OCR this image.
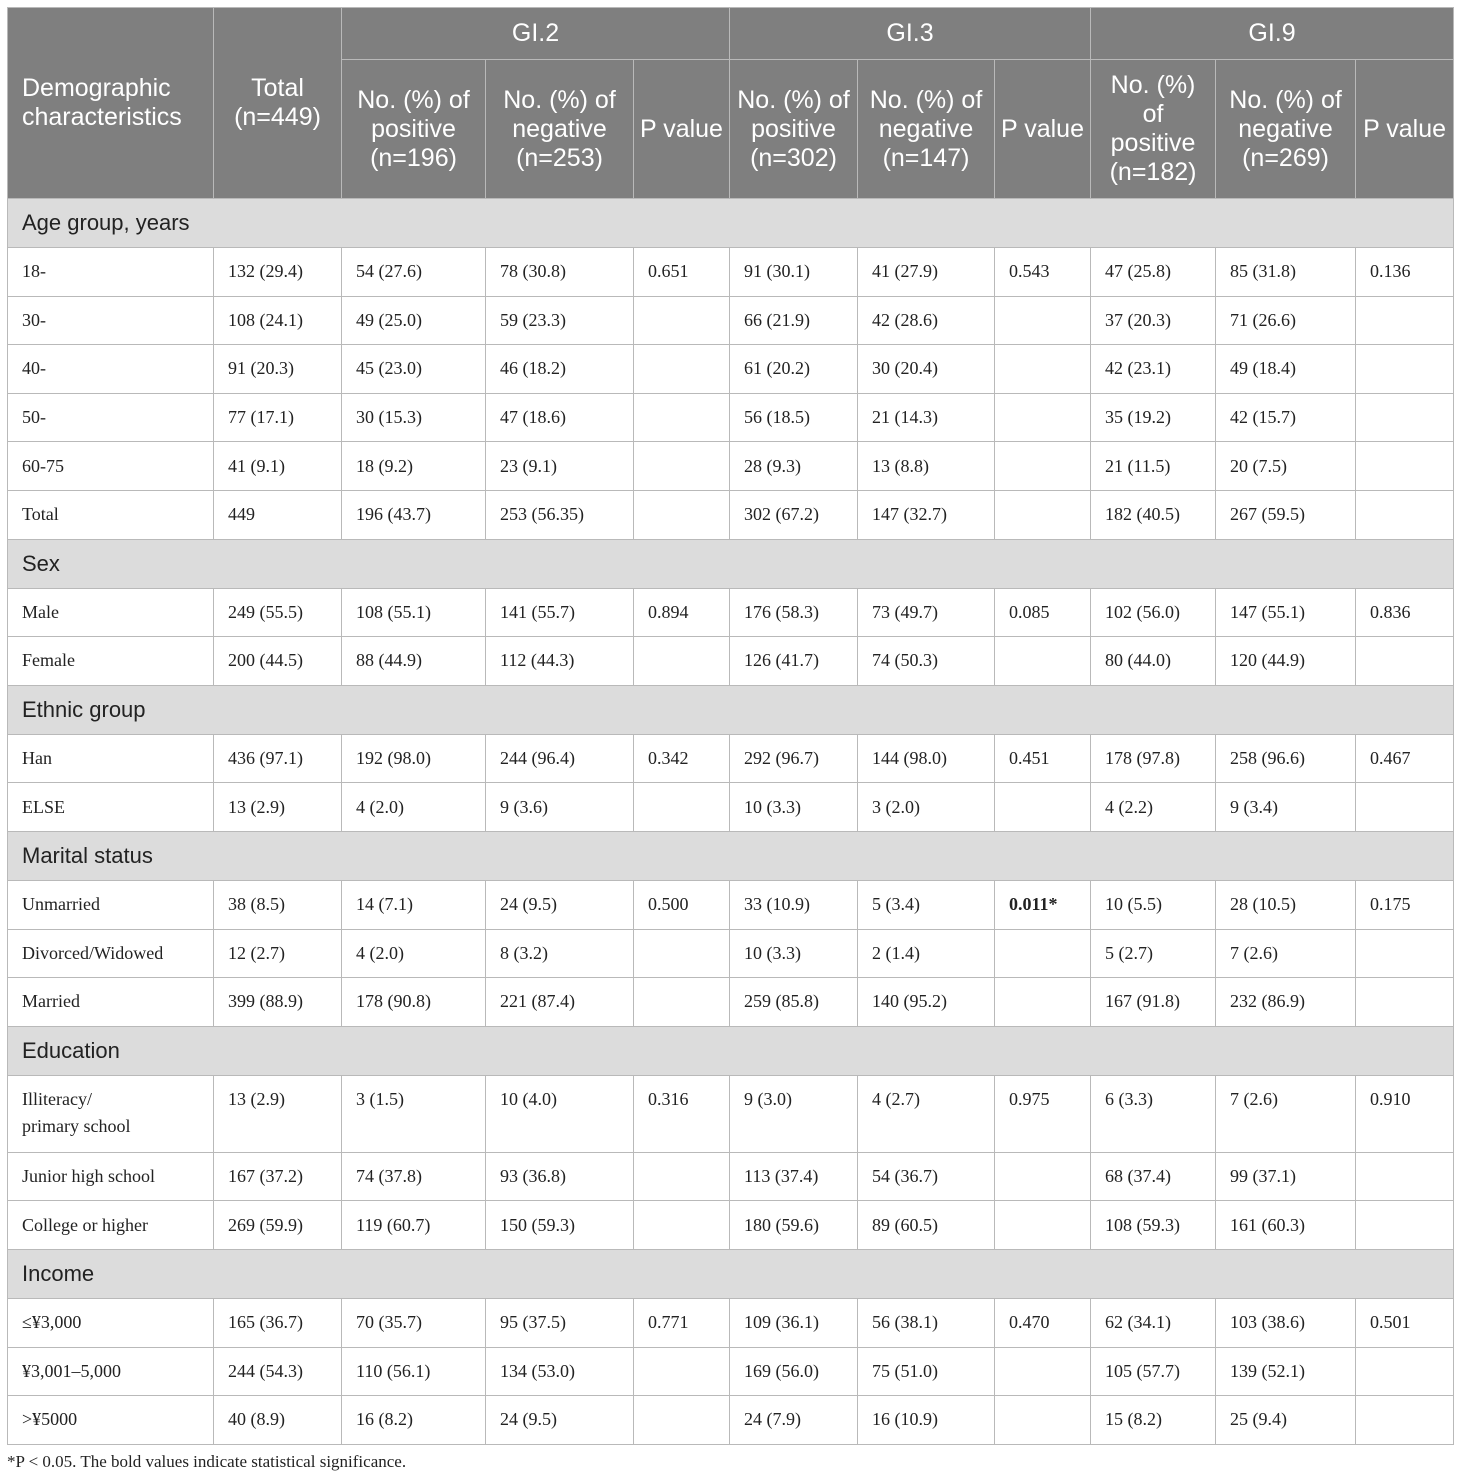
Demographic characteristics	Total (n=449)	GI.2			GI.3			GI.9		
		No. (%) of positive (n=196)	No. (%) of negative (n=253)	P value	No. (%) of positive (n=302)	No. (%) of negative (n=147)	P value	No. (%) of positive (n=182)	No. (%) of negative (n=269)	P value
Age group, years										
18-	132 (29.4)	54 (27.6)	78 (30.8)	0.651	91 (30.1)	41 (27.9)	0.543	47 (25.8)	85 (31.8)	0.136
30-	108 (24.1)	49 (25.0)	59 (23.3)		66 (21.9)	42 (28.6)		37 (20.3)	71 (26.6)	
40-	91 (20.3)	45 (23.0)	46 (18.2)		61 (20.2)	30 (20.4)		42 (23.1)	49 (18.4)	
50-	77 (17.1)	30 (15.3)	47 (18.6)		56 (18.5)	21 (14.3)		35 (19.2)	42 (15.7)	
60-75	41 (9.1)	18 (9.2)	23 (9.1)		28 (9.3)	13 (8.8)		21 (11.5)	20 (7.5)	
Total	449	196 (43.7)	253 (56.35)		302 (67.2)	147 (32.7)		182 (40.5)	267 (59.5)	
Sex										
Male	249 (55.5)	108 (55.1)	141 (55.7)	0.894	176 (58.3)	73 (49.7)	0.085	102 (56.0)	147 (55.1)	0.836
Female	200 (44.5)	88 (44.9)	112 (44.3)		126 (41.7)	74 (50.3)		80 (44.0)	120 (44.9)	
Ethnic group										
Han	436 (97.1)	192 (98.0)	244 (96.4)	0.342	292 (96.7)	144 (98.0)	0.451	178 (97.8)	258 (96.6)	0.467
ELSE	13 (2.9)	4 (2.0)	9 (3.6)		10 (3.3)	3 (2.0)		4 (2.2)	9 (3.4)	
Marital status										
Unmarried	38 (8.5)	14 (7.1)	24 (9.5)	0.500	33 (10.9)	5 (3.4)	0.011*	10 (5.5)	28 (10.5)	0.175
Divorced/Widowed	12 (2.7)	4 (2.0)	8 (3.2)		10 (3.3)	2 (1.4)		5 (2.7)	7 (2.6)	
Married	399 (88.9)	178 (90.8)	221 (87.4)		259 (85.8)	140 (95.2)		167 (91.8)	232 (86.9)	
Education										
Illiteracy/
primary school	13 (2.9)	3 (1.5)	10 (4.0)	0.316	9 (3.0)	4 (2.7)	0.975	6 (3.3)	7 (2.6)	0.910
Junior high school	167 (37.2)	74 (37.8)	93 (36.8)		113 (37.4)	54 (36.7)		68 (37.4)	99 (37.1)	
College or higher	269 (59.9)	119 (60.7)	150 (59.3)		180 (59.6)	89 (60.5)		108 (59.3)	161 (60.3)	
Income										
≤¥3,000	165 (36.7)	70 (35.7)	95 (37.5)	0.771	109 (36.1)	56 (38.1)	0.470	62 (34.1)	103 (38.6)	0.501
¥3,001–5,000	244 (54.3)	110 (56.1)	134 (53.0)		169 (56.0)	75 (51.0)		105 (57.7)	139 (52.1)	
>¥5000	40 (8.9)	16 (8.2)	24 (9.5)		24 (7.9)	16 (10.9)		15 (8.2)	25 (9.4)	
*P < 0.05. The bold values indicate statistical significance.
